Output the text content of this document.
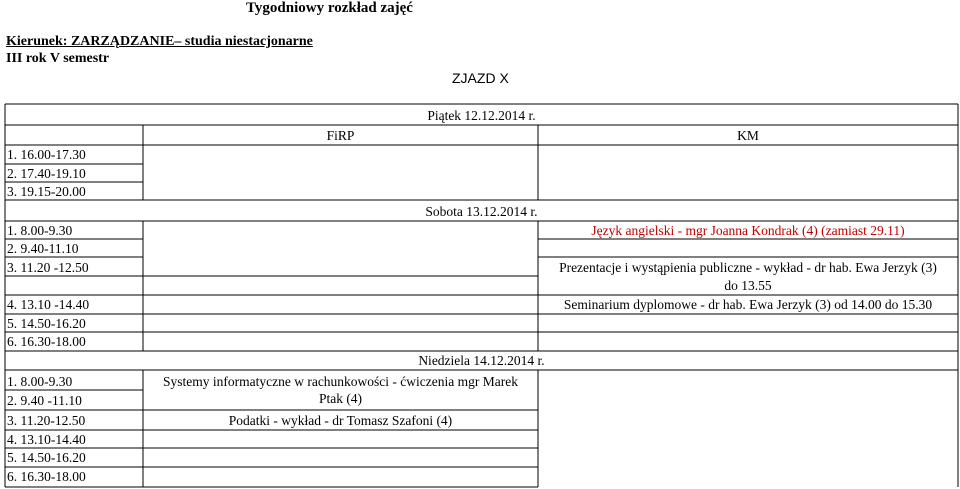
Tygodniowy rozkład zajęć
Kierunek: ZARZĄDZANIE– studia niestacjonarne
III rok V semestr
ZJAZD X
Piątek 12.12.2014 r.
FiRP	KM
1. 16.00-17.30
2. 17.40-19.10
3. 19.15-20.00
Sobota 13.12.2014 r.
1. 8.00-9.30
2. 9.40-11.10
3. 11.20 -12.50
4. 13.10 -14.40
5. 14.50-16.20
6. 16.30-18.00
Język angielski - mgr Joanna Kondrak (4) (zamiast 29.11)
Prezentacje i wystąpienia publiczne - wykład - dr hab. Ewa Jerzyk (3)
do 13.55
Seminarium dyplomowe - dr hab. Ewa Jerzyk (3) od 14.00 do 15.30
Niedziela 14.12.2014 r.
1. 8.00-9.30
2. 9.40 -11.10
3. 11.20-12.50
4. 13.10-14.40
5. 14.50-16.20
6. 16.30-18.00
Systemy informatyczne w rachunkowości - ćwiczenia mgr Marek
Ptak (4)
Podatki - wykład - dr Tomasz Szafoni (4)
